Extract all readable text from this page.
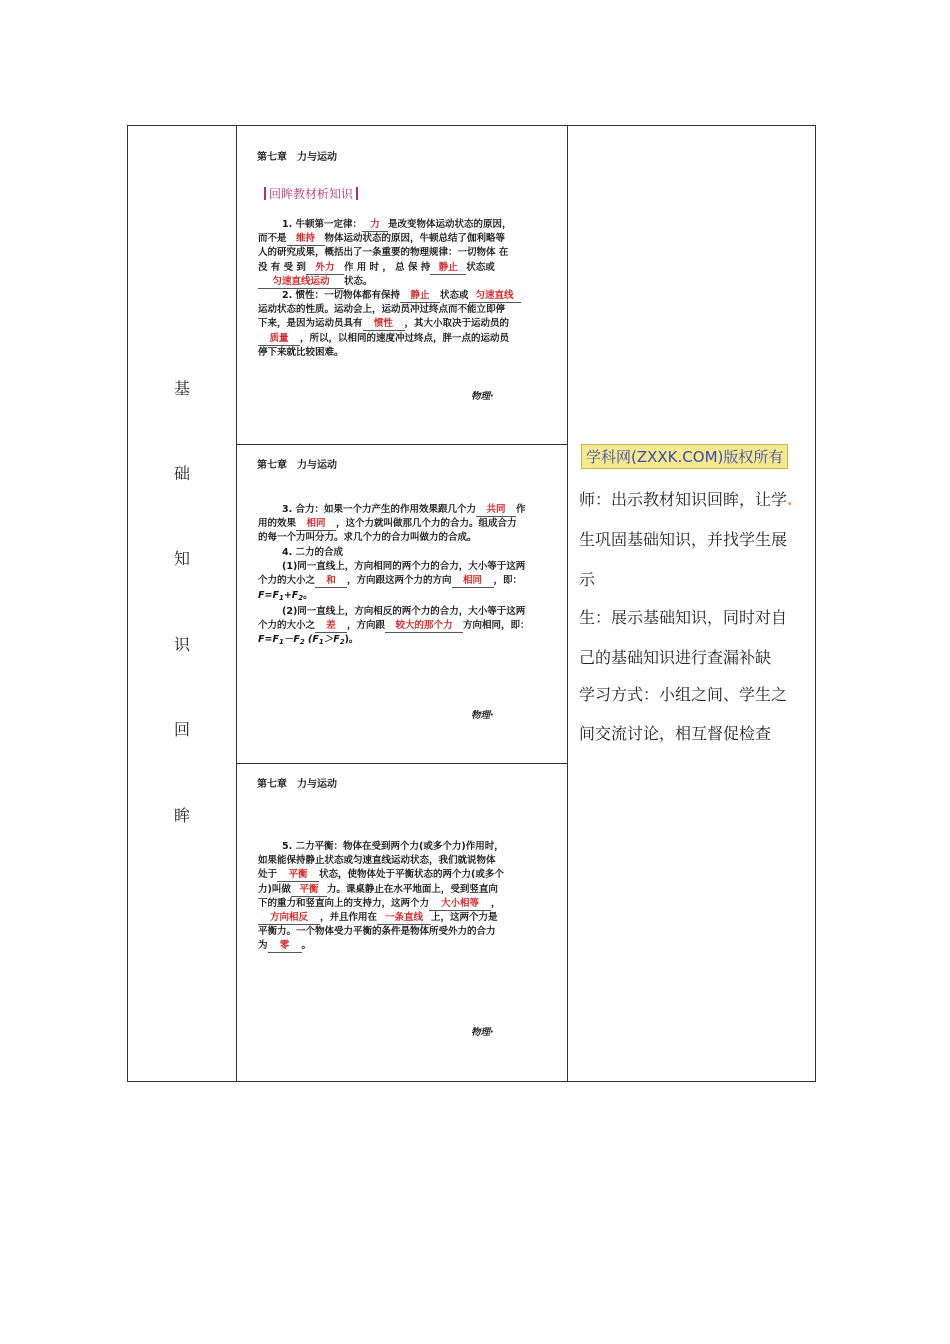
基
础
知
识
回
眸
第七章　力与运动
回眸教材析知识
1. 牛顿第一定律： 力 是改变物体运动状态的原因，
而不是 维持 物体运动状态的原因，牛顿总结了伽利略等
人的研究成果，概括出了一条重要的物理规律：一切物体 在
没 有 受 到 外力 作 用 时 ， 总 保 持 静止 状态或
匀速直线运动 状态。
2. 惯性：一切物体都有保持 静止 状态或 匀速直线
运动状态的性质。运动会上，运动员冲过终点而不能立即停
下来，是因为运动员具有 惯性 ，其大小取决于运动员的
质量 ，所以，以相同的速度冲过终点，胖一点的运动员
停下来就比较困难。
物理·
第七章　力与运动
3. 合力：如果一个力产生的作用效果跟几个力 共同 作
用的效果 相同 ，这个力就叫做那几个力的合力。组成合力
的每一个力叫分力。求几个力的合力叫做力的合成。
4. 二力的合成
(1)同一直线上，方向相同的两个力的合力，大小等于这两
个力的大小之 和 ，方向跟这两个力的方向 相同 ，即：
$F=F_1+F_2$。
(2)同一直线上，方向相反的两个力的合力，大小等于这两
个力的大小之 差 ，方向跟 较大的那个力 方向相同，即：
$F=F_1-F_2$ $(F_1>F_2)$。
物理·
第七章　力与运动
5. 二力平衡：物体在受到两个力(或多个力)作用时，
如果能保持静止状态或匀速直线运动状态，我们就说物体
处于 平衡 状态，使物体处于平衡状态的两个力(或多个
力)叫做 平衡 力。课桌静止在水平地面上，受到竖直向
下的重力和竖直向上的支持力，这两个力 大小相等 ，
方向相反 ，并且作用在 一条直线 上，这两个力是
平衡力。一个物体受力平衡的条件是物体所受外力的合力
为 零 。
物理·
学科网(ZXXK.COM)版权所有
师：出示教材知识回眸，让学.
生巩固基础知识，并找学生展
示
生：展示基础知识，同时对自
己的基础知识进行查漏补缺
学习方式：小组之间、学生之
间交流讨论，相互督促检查
